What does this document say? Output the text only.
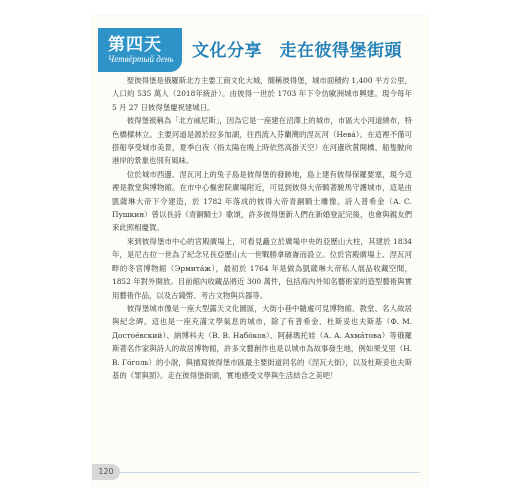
第四天
Четвёртый день 文化分享　走在彼得堡街頭

聖彼得堡是俄羅斯北方主要工商文化大城，簡稱彼得堡，城市面積約 1,400 平方公里，人口約 535 萬人（2018年統計）。由彼得一世於 1703 年下令仿歐洲城市興建。現今每年 5 月 27 日彼得堡慶祝建城日。

彼得堡被稱為「北方威尼斯」，因為它是一座建在沼澤上的城市，市區大小河道繞布，特色橋樑林立。主要河道是源於拉多加湖，往西流入芬蘭灣的涅瓦河（Heвá）。在這裡不僅可搭船享受城市美景，夏季白夜（指太陽在晚上時依然高掛天空）在河邊欣賞開橋、船隻駛向港岸的景象也別有風味。

位於城市西邊、涅瓦河上的兔子島是彼得堡的發跡地，島上建有彼得保羅要塞，現今這裡是教堂與博物館。在市中心樞密院廣場附近，可見到彼得大帝騎著駿馬守護城市，這是由凱薩琳大帝下令建造，於 1782 年落成的彼得大帝青銅騎士雕像。詩人普希金（А. С. Пушкин）曾以長詩《青銅騎士》歌頌，許多彼得堡新人們在新婚登記完後，也會與親友們來此照相慶賀。

來到彼得堡市中心的宮殿廣場上，可看見矗立於廣場中央的亞歷山大柱，其建於 1834 年，是尼古拉一世為了紀念兄長亞歷山大一世戰勝拿破崙而設立。位於宮殿廣場上、涅瓦河畔的冬宮博物館（Эрмитáж），最初於 1764 年是做為凱薩琳大帝私人展品收藏空間，1852 年對外開放。目前館內收藏品將近 300 萬件，包括海內外知名藝術家的造型藝術與實用藝術作品，以及古錢幣、考古文物與兵器等。

彼得堡城市像是一座大型露天文化園區，大街小巷中隨處可見博物館、教堂、名人故居與紀念碑。這也是一座充滿文學氣息的城市，除了有普希金、杜斯妥也夫斯基（Ф. М. Достоéвский）、納博科夫（В. В. Набóков）、阿赫瑪托娃（А. А. Ахмáтова）等俄羅斯著名作家與詩人的故居博物館，許多文藝創作也是以城市為故事發生地，例如果戈里（Н. В. Гóголь）的小說，與描寫彼得堡市區最主要街道同名的《涅瓦大街》，以及杜斯妥也夫斯基的《罪與罰》。走在彼得堡街頭，實地感受文學與生活結合之美吧！

120
